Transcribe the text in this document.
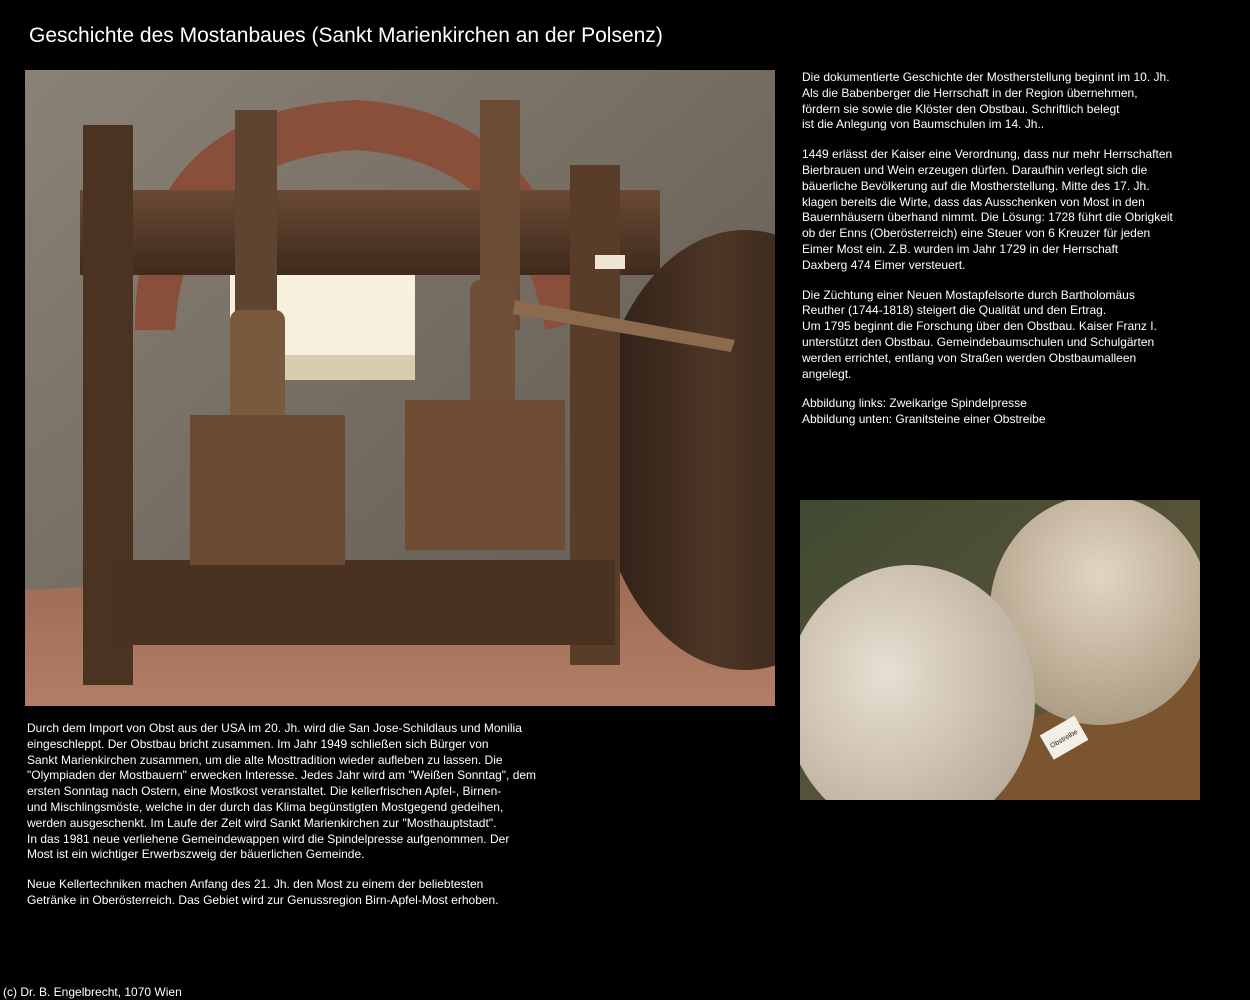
Geschichte des Mostanbaues (Sankt Marienkirchen an der Polsenz)

Die dokumentierte Geschichte der Mostherstellung beginnt im 10. Jh.
Als die Babenberger die Herrschaft in der Region übernehmen,
fördern sie sowie die Klöster den Obstbau. Schriftlich belegt
ist die Anlegung von Baumschulen im 14. Jh..

1449 erlässt der Kaiser eine Verordnung, dass nur mehr Herrschaften
Bierbrauen und Wein erzeugen dürfen. Daraufhin verlegt sich die
bäuerliche Bevölkerung auf die Mostherstellung. Mitte des 17. Jh.
klagen bereits die Wirte, dass das Ausschenken von Most in den
Bauernhäusern überhand nimmt. Die Lösung: 1728 führt die Obrigkeit
ob der Enns (Oberösterreich) eine Steuer von 6 Kreuzer für jeden
Eimer Most ein. Z.B. wurden im Jahr 1729 in der Herrschaft
Daxberg 474 Eimer versteuert.

Die Züchtung einer Neuen Mostapfelsorte durch Bartholomäus
Reuther (1744-1818) steigert die Qualität und den Ertrag.
Um 1795 beginnt die Forschung über den Obstbau. Kaiser Franz I.
unterstützt den Obstbau. Gemeindebaumschulen und Schulgärten
werden errichtet, entlang von Straßen werden Obstbaumalleen
angelegt.

Abbildung links: Zweikarige Spindelpresse
Abbildung unten: Granitsteine einer Obstreibe

Obstreibe

Durch dem Import von Obst aus der USA im 20. Jh. wird die San Jose-Schildlaus und Monilia
eingeschleppt. Der Obstbau bricht zusammen. Im Jahr 1949 schließen sich Bürger von
Sankt Marienkirchen zusammen, um die alte Mosttradition wieder aufleben zu lassen. Die
"Olympiaden der Mostbauern" erwecken Interesse. Jedes Jahr wird am "Weißen Sonntag", dem
ersten Sonntag nach Ostern, eine Mostkost veranstaltet. Die kellerfrischen Apfel-, Birnen-
und Mischlingsmöste, welche in der durch das Klima begünstigten Mostgegend gedeihen,
werden ausgeschenkt. Im Laufe der Zeit wird Sankt Marienkirchen zur "Mosthauptstadt".
In das 1981 neue verliehene Gemeindewappen wird die Spindelpresse aufgenommen. Der
Most ist ein wichtiger Erwerbszweig der bäuerlichen Gemeinde.

Neue Kellertechniken machen Anfang des 21. Jh. den Most zu einem der beliebtesten
Getränke in Oberösterreich. Das Gebiet wird zur Genussregion Birn-Apfel-Most erhoben.

(c) Dr. B. Engelbrecht, 1070 Wien
